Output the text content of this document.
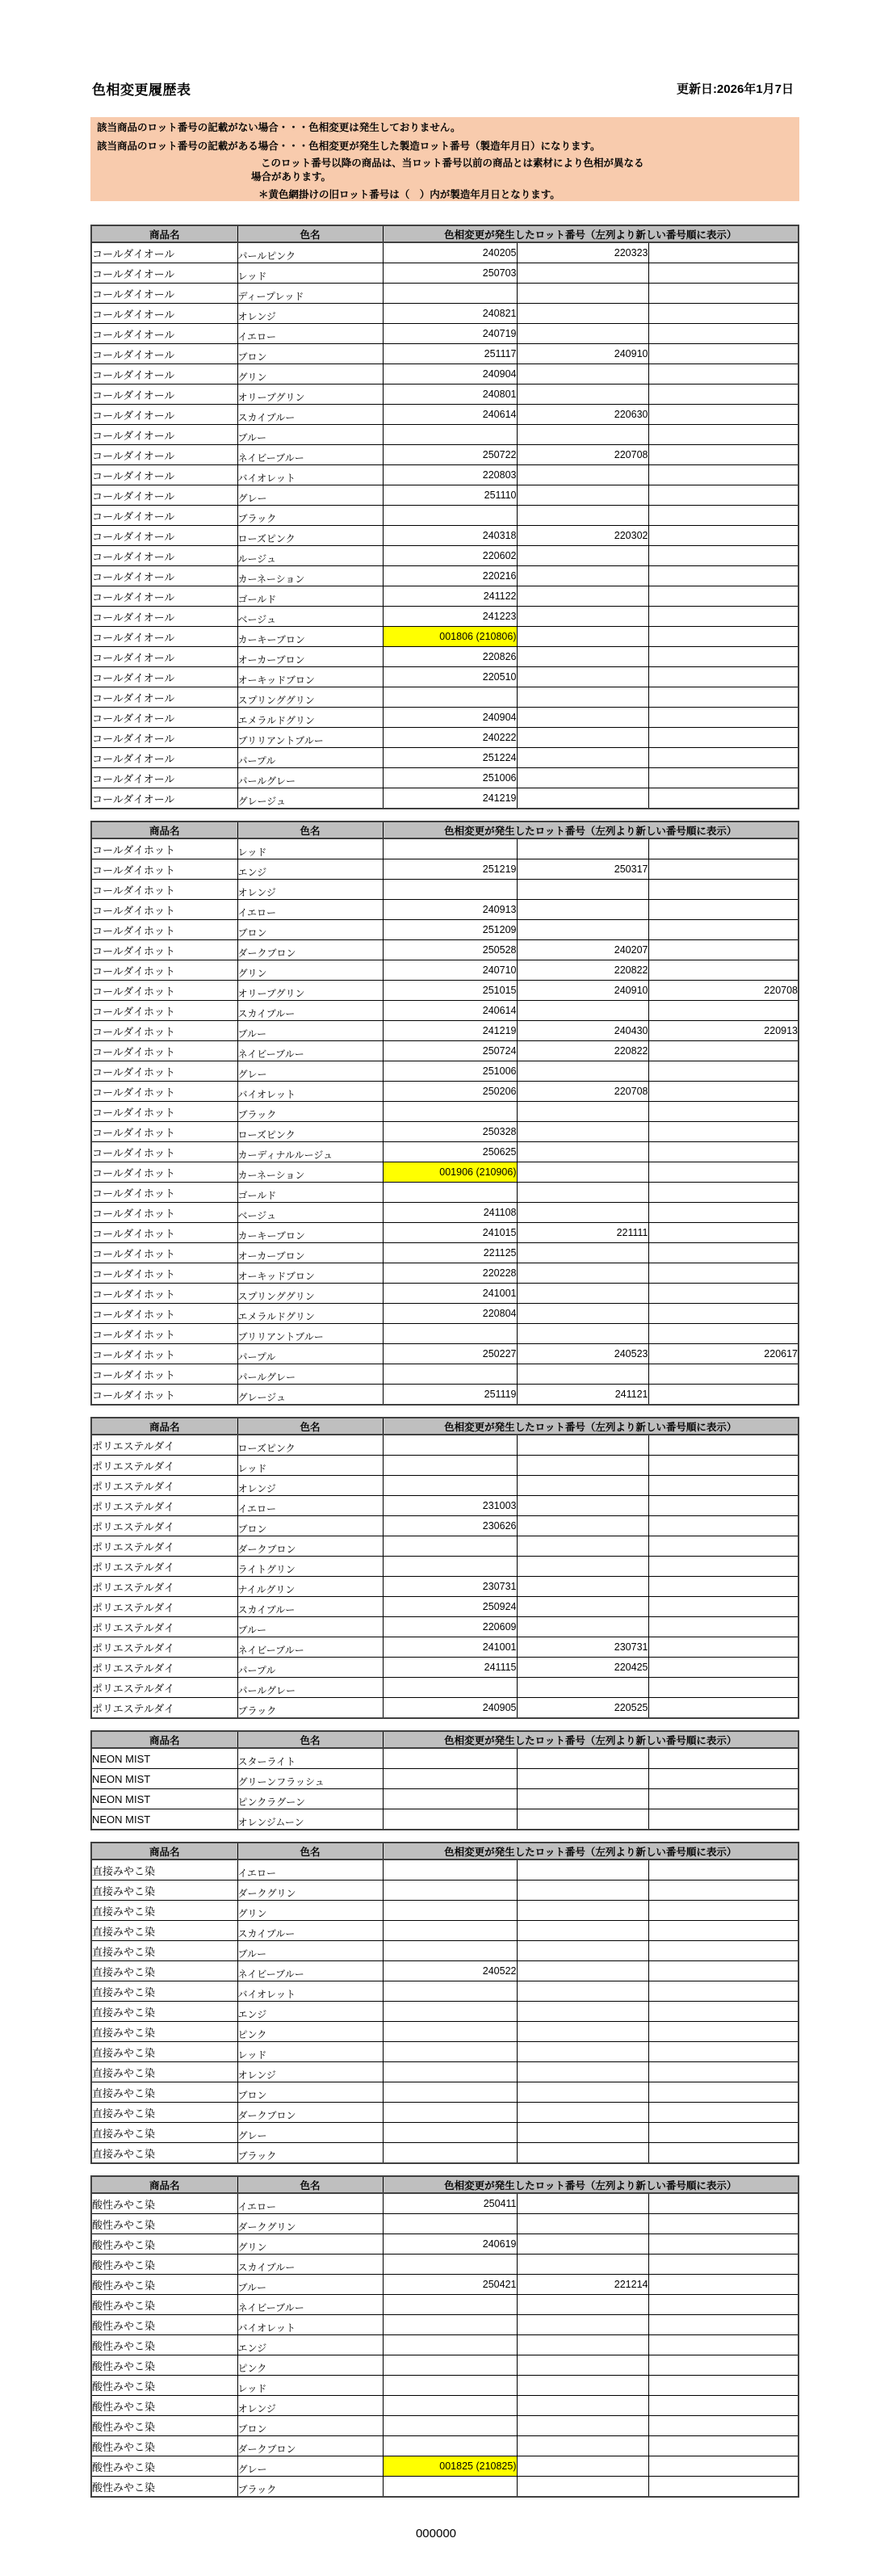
色相変更履歴表	更新日:2026年1月7日
該当商品のロット番号の記載がない場合・・・色相変更は発生しておりません。
該当商品のロット番号の記載がある場合・・・色相変更が発生した製造ロット番号（製造年月日）になります。
このロット番号以降の商品は、当ロット番号以前の商品とは素材により色相が異なる
場合があります。
＊黄色網掛けの旧ロット番号は（　）内が製造年月日となります。
商品名	色名	色相変更が発生したロット番号（左列より新しい番号順に表示）		
コールダイオール	パールピンク	240205	220323	
コールダイオール	レッド	250703		
コールダイオール	ディープレッド			
コールダイオール	オレンジ	240821		
コールダイオール	イエロー	240719		
コールダイオール	ブロン	251117	240910	
コールダイオール	グリン	240904		
コールダイオール	オリーブグリン	240801		
コールダイオール	スカイブルー	240614	220630	
コールダイオール	ブルー			
コールダイオール	ネイビーブルー	250722	220708	
コールダイオール	バイオレット	220803		
コールダイオール	グレー	251110		
コールダイオール	ブラック			
コールダイオール	ローズピンク	240318	220302	
コールダイオール	ルージュ	220602		
コールダイオール	カーネーション	220216		
コールダイオール	ゴールド	241122		
コールダイオール	ベージュ	241223		
コールダイオール	カーキーブロン	001806 (210806)		
コールダイオール	オーカーブロン	220826		
コールダイオール	オーキッドブロン	220510		
コールダイオール	スプリンググリン			
コールダイオール	エメラルドグリン	240904		
コールダイオール	ブリリアントブルー	240222		
コールダイオール	パープル	251224		
コールダイオール	パールグレー	251006		
コールダイオール	グレージュ	241219		
商品名	色名	色相変更が発生したロット番号（左列より新しい番号順に表示）		
コールダイホット	レッド			
コールダイホット	エンジ	251219	250317	
コールダイホット	オレンジ			
コールダイホット	イエロー	240913		
コールダイホット	ブロン	251209		
コールダイホット	ダークブロン	250528	240207	
コールダイホット	グリン	240710	220822	
コールダイホット	オリーブグリン	251015	240910	220708
コールダイホット	スカイブルー	240614		
コールダイホット	ブルー	241219	240430	220913
コールダイホット	ネイビーブルー	250724	220822	
コールダイホット	グレー	251006		
コールダイホット	バイオレット	250206	220708	
コールダイホット	ブラック			
コールダイホット	ローズピンク	250328		
コールダイホット	カーディナルルージュ	250625		
コールダイホット	カーネーション	001906 (210906)		
コールダイホット	ゴールド			
コールダイホット	ベージュ	241108		
コールダイホット	カーキーブロン	241015	221111	
コールダイホット	オーカーブロン	221125		
コールダイホット	オーキッドブロン	220228		
コールダイホット	スプリンググリン	241001		
コールダイホット	エメラルドグリン	220804		
コールダイホット	ブリリアントブルー			
コールダイホット	パープル	250227	240523	220617
コールダイホット	パールグレー			
コールダイホット	グレージュ	251119	241121	
商品名	色名	色相変更が発生したロット番号（左列より新しい番号順に表示）		
ポリエステルダイ	ローズピンク			
ポリエステルダイ	レッド			
ポリエステルダイ	オレンジ			
ポリエステルダイ	イエロー	231003		
ポリエステルダイ	ブロン	230626		
ポリエステルダイ	ダークブロン			
ポリエステルダイ	ライトグリン			
ポリエステルダイ	ナイルグリン	230731		
ポリエステルダイ	スカイブルー	250924		
ポリエステルダイ	ブルー	220609		
ポリエステルダイ	ネイビーブルー	241001	230731	
ポリエステルダイ	パープル	241115	220425	
ポリエステルダイ	パールグレー			
ポリエステルダイ	ブラック	240905	220525	
商品名	色名	色相変更が発生したロット番号（左列より新しい番号順に表示）		
NEON MIST	スターライト			
NEON MIST	グリーンフラッシュ			
NEON MIST	ピンクラグーン			
NEON MIST	オレンジムーン			
商品名	色名	色相変更が発生したロット番号（左列より新しい番号順に表示）		
直接みやこ染	イエロー			
直接みやこ染	ダークグリン			
直接みやこ染	グリン			
直接みやこ染	スカイブルー			
直接みやこ染	ブルー			
直接みやこ染	ネイビーブルー	240522		
直接みやこ染	バイオレット			
直接みやこ染	エンジ			
直接みやこ染	ピンク			
直接みやこ染	レッド			
直接みやこ染	オレンジ			
直接みやこ染	ブロン			
直接みやこ染	ダークブロン			
直接みやこ染	グレー			
直接みやこ染	ブラック			
商品名	色名	色相変更が発生したロット番号（左列より新しい番号順に表示）		
酸性みやこ染	イエロー	250411		
酸性みやこ染	ダークグリン			
酸性みやこ染	グリン	240619		
酸性みやこ染	スカイブルー			
酸性みやこ染	ブルー	250421	221214	
酸性みやこ染	ネイビーブルー			
酸性みやこ染	バイオレット			
酸性みやこ染	エンジ			
酸性みやこ染	ピンク			
酸性みやこ染	レッド			
酸性みやこ染	オレンジ			
酸性みやこ染	ブロン			
酸性みやこ染	ダークブロン			
酸性みやこ染	グレー	001825 (210825)		
酸性みやこ染	ブラック			
000000
